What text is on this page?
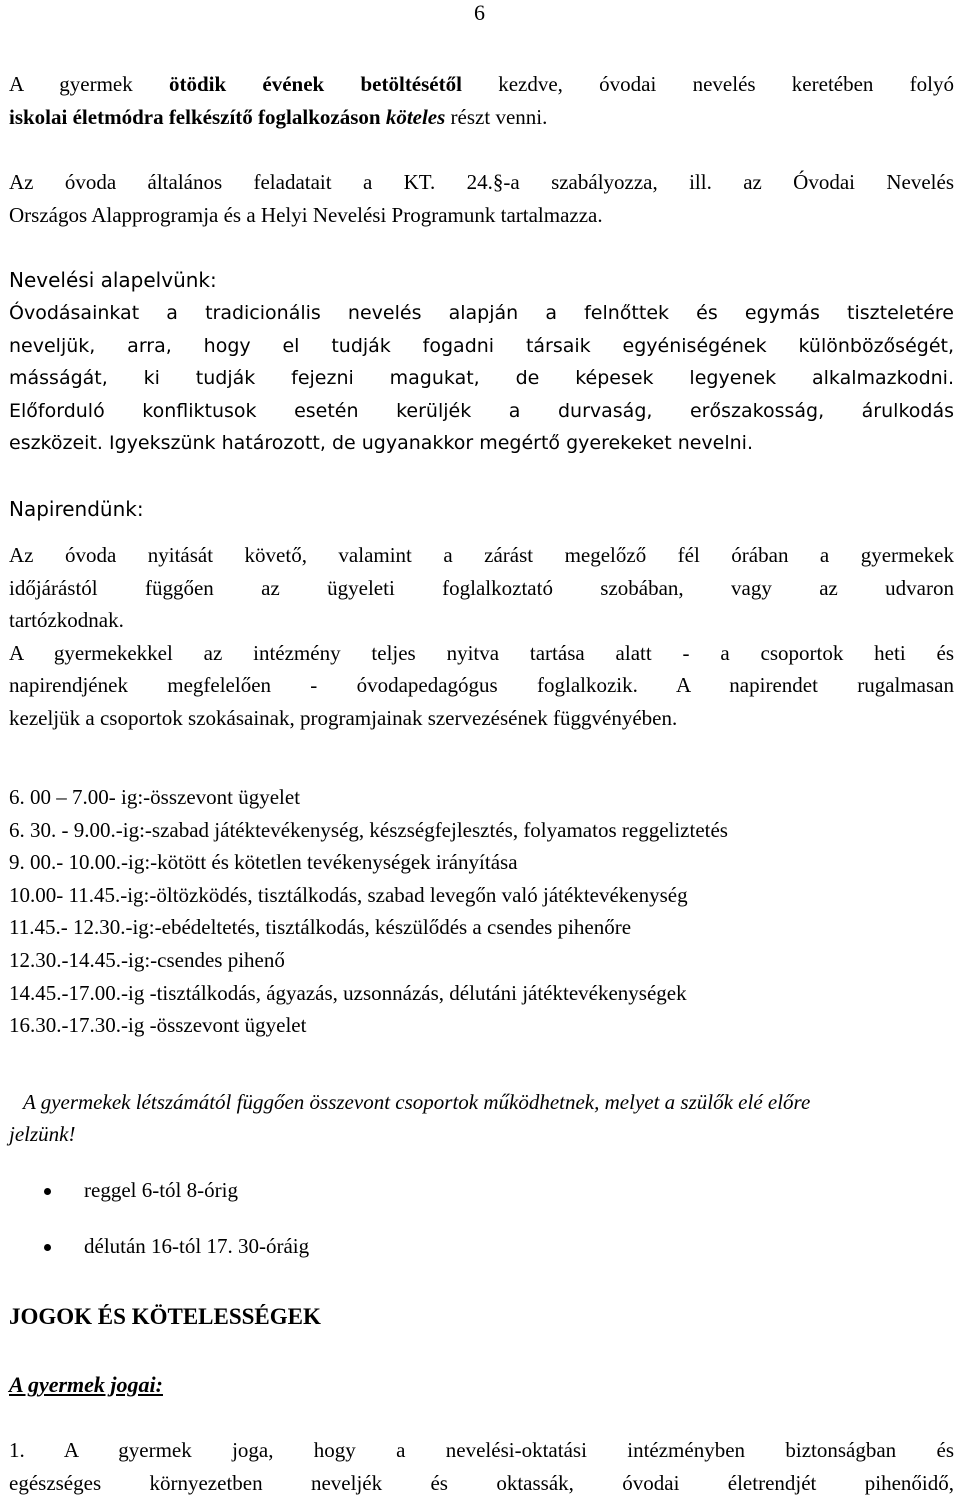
6
A gyermek ötödik évének betöltésétől kezdve, óvodai nevelés keretében folyó
iskolai életmódra felkészítő foglalkozáson köteles részt venni.
Az óvoda általános feladatait a KT. 24.§-a szabályozza, ill. az Óvodai Nevelés
Országos Alapprogramja és a Helyi Nevelési Programunk tartalmazza.
Nevelési alapelvünk:
Óvodásainkat a tradicionális nevelés alapján a felnőttek és egymás tiszteletére
neveljük, arra, hogy el tudják fogadni társaik egyéniségének különbözőségét,
másságát, ki tudják fejezni magukat, de képesek legyenek alkalmazkodni.
Előforduló konfliktusok esetén kerüljék a durvaság, erőszakosság, árulkodás
eszközeit. Igyekszünk határozott, de ugyanakkor megértő gyerekeket nevelni.
Napirendünk:
Az óvoda nyitását követő, valamint a zárást megelőző fél órában a gyermekek
időjárástól függően az ügyeleti foglalkoztató szobában, vagy az udvaron
tartózkodnak.
A gyermekekkel az intézmény teljes nyitva tartása alatt - a csoportok heti és
napirendjének megfelelően - óvodapedagógus foglalkozik. A napirendet rugalmasan
kezeljük a csoportok szokásainak, programjainak szervezésének függvényében.
6. 00 – 7.00- ig:-összevont ügyelet
6. 30. - 9.00.-ig:-szabad játéktevékenység, készségfejlesztés, folyamatos reggeliztetés
9. 00.- 10.00.-ig:-kötött és kötetlen tevékenységek irányítása
10.00- 11.45.-ig:-öltözködés, tisztálkodás, szabad levegőn való játéktevékenység
11.45.- 12.30.-ig:-ebédeltetés, tisztálkodás, készülődés a csendes pihenőre
12.30.-14.45.-ig:-csendes pihenő
14.45.-17.00.-ig -tisztálkodás, ágyazás, uzsonnázás, délutáni játéktevékenységek
16.30.-17.30.-ig -összevont ügyelet
A gyermekek létszámától függően összevont csoportok működhetnek, melyet a szülők elé előre
jelzünk!
reggel 6-tól 8-órig
délután 16-tól 17. 30-óráig
JOGOK ÉS KÖTELESSÉGEK
A gyermek jogai:
1. A gyermek joga, hogy a nevelési-oktatási intézményben biztonságban és
egészséges környezetben neveljék és oktassák, óvodai életrendjét pihenőidő,
